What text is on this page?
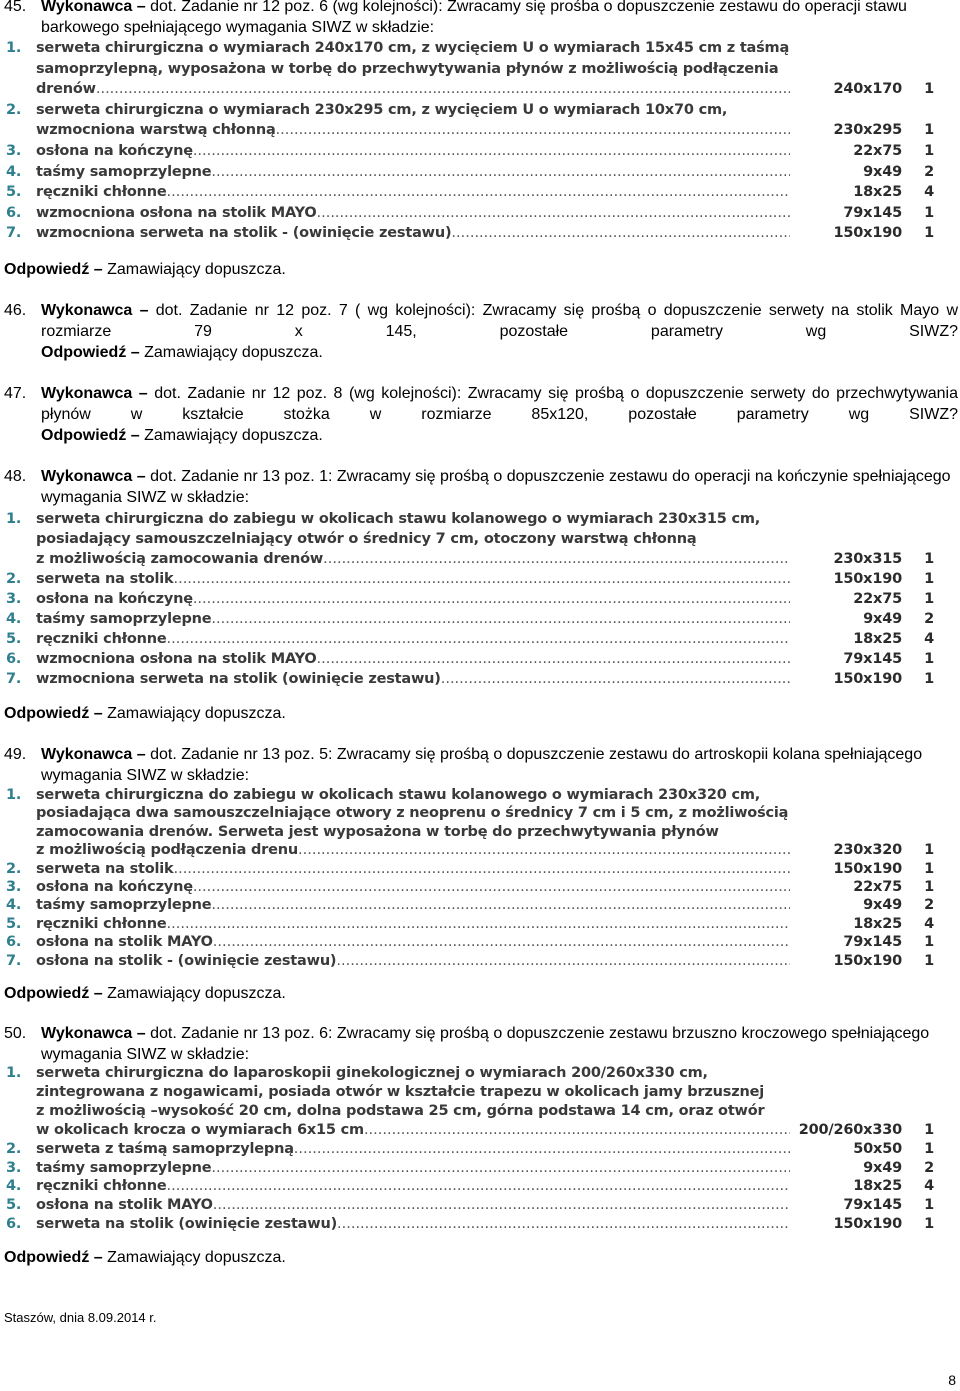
45. Wykonawca – dot. Zadanie nr 12 poz. 6 (wg kolejności): Zwracamy się prośba o dopuszczenie zestawu do operacji stawu barkowego spełniającego wymagania SIWZ w składzie:
1. serweta chirurgiczna o wymiarach 240x170 cm, z wycięciem U o wymiarach 15x45 cm z taśmą
samoprzylepną, wyposażona w torbę do przechwytywania płynów z możliwością podłączenia
drenów .....	240x170 1
2. serweta chirurgiczna o wymiarach 230x295 cm, z wycięciem U o wymiarach 10x70 cm,
wzmocniona warstwą chłonną .....	230x295 1
3. osłona na kończynę .....	22x75 1
4. taśmy samoprzylepne .....	9x49 2
5. ręczniki chłonne .....	18x25 4
6. wzmocniona osłona na stolik MAYO .....	79x145 1
7. wzmocniona serweta na stolik - (owinięcie zestawu) .....	150x190 1
Odpowiedź – Zamawiający dopuszcza.
46. Wykonawca – dot. Zadanie nr 12 poz. 7 ( wg kolejności): Zwracamy się prośbą o dopuszczenie serwety na stolik Mayo w rozmiarze 79 x 145, pozostałe parametry wg SIWZ?
Odpowiedź – Zamawiający dopuszcza.
47. Wykonawca – dot. Zadanie nr 12 poz. 8 (wg kolejności): Zwracamy się prośbą o dopuszczenie serwety do przechwytywania płynów w kształcie stożka w rozmiarze 85x120, pozostałe parametry wg SIWZ?
Odpowiedź – Zamawiający dopuszcza.
48. Wykonawca – dot. Zadanie nr 13 poz. 1: Zwracamy się prośbą o dopuszczenie zestawu do operacji na kończynie spełniającego wymagania SIWZ w składzie:
1. serweta chirurgiczna do zabiegu w okolicach stawu kolanowego o wymiarach 230x315 cm,
posiadający samouszczelniający otwór o średnicy 7 cm, otoczony warstwą chłonną
z możliwością zamocowania drenów .....	230x315 1
2. serweta na stolik .....	150x190 1
3. osłona na kończynę .....	22x75 1
4. taśmy samoprzylepne .....	9x49 2
5. ręczniki chłonne .....	18x25 4
6. wzmocniona osłona na stolik MAYO .....	79x145 1
7. wzmocniona serweta na stolik (owinięcie zestawu) .....	150x190 1
Odpowiedź – Zamawiający dopuszcza.
49. Wykonawca – dot. Zadanie nr 13 poz. 5: Zwracamy się prośbą o dopuszczenie zestawu do artroskopii kolana spełniającego wymagania SIWZ w składzie:
1. serweta chirurgiczna do zabiegu w okolicach stawu kolanowego o wymiarach 230x320 cm,
posiadająca dwa samouszczelniające otwory z neoprenu o średnicy 7 cm i 5 cm, z możliwością
zamocowania drenów. Serweta jest wyposażona w torbę do przechwytywania płynów
z możliwością podłączenia drenu .....	230x320 1
2. serweta na stolik .....	150x190 1
3. osłona na kończynę .....	22x75 1
4. taśmy samoprzylepne .....	9x49 2
5. ręczniki chłonne .....	18x25 4
6. osłona na stolik MAYO .....	79x145 1
7. osłona na stolik - (owinięcie zestawu) .....	150x190 1
Odpowiedź – Zamawiający dopuszcza.
50. Wykonawca – dot. Zadanie nr 13 poz. 6: Zwracamy się prośbą o dopuszczenie zestawu brzuszno kroczowego spełniającego wymagania SIWZ w składzie:
1. serweta chirurgiczna do laparoskopii ginekologicznej o wymiarach 200/260x330 cm,
zintegrowana z nogawicami, posiada otwór w kształcie trapezu w okolicach jamy brzusznej
z możliwością –wysokość 20 cm, dolna podstawa 25 cm, górna podstawa 14 cm, oraz otwór
w okolicach krocza o wymiarach 6x15 cm .....	200/260x330 1
2. serweta z taśmą samoprzylepną .....	50x50 1
3. taśmy samoprzylepne .....	9x49 2
4. ręczniki chłonne .....	18x25 4
5. osłona na stolik MAYO .....	79x145 1
6. serweta na stolik (owinięcie zestawu) .....	150x190 1
Odpowiedź – Zamawiający dopuszcza.
Staszów, dnia 8.09.2014 r.
8
